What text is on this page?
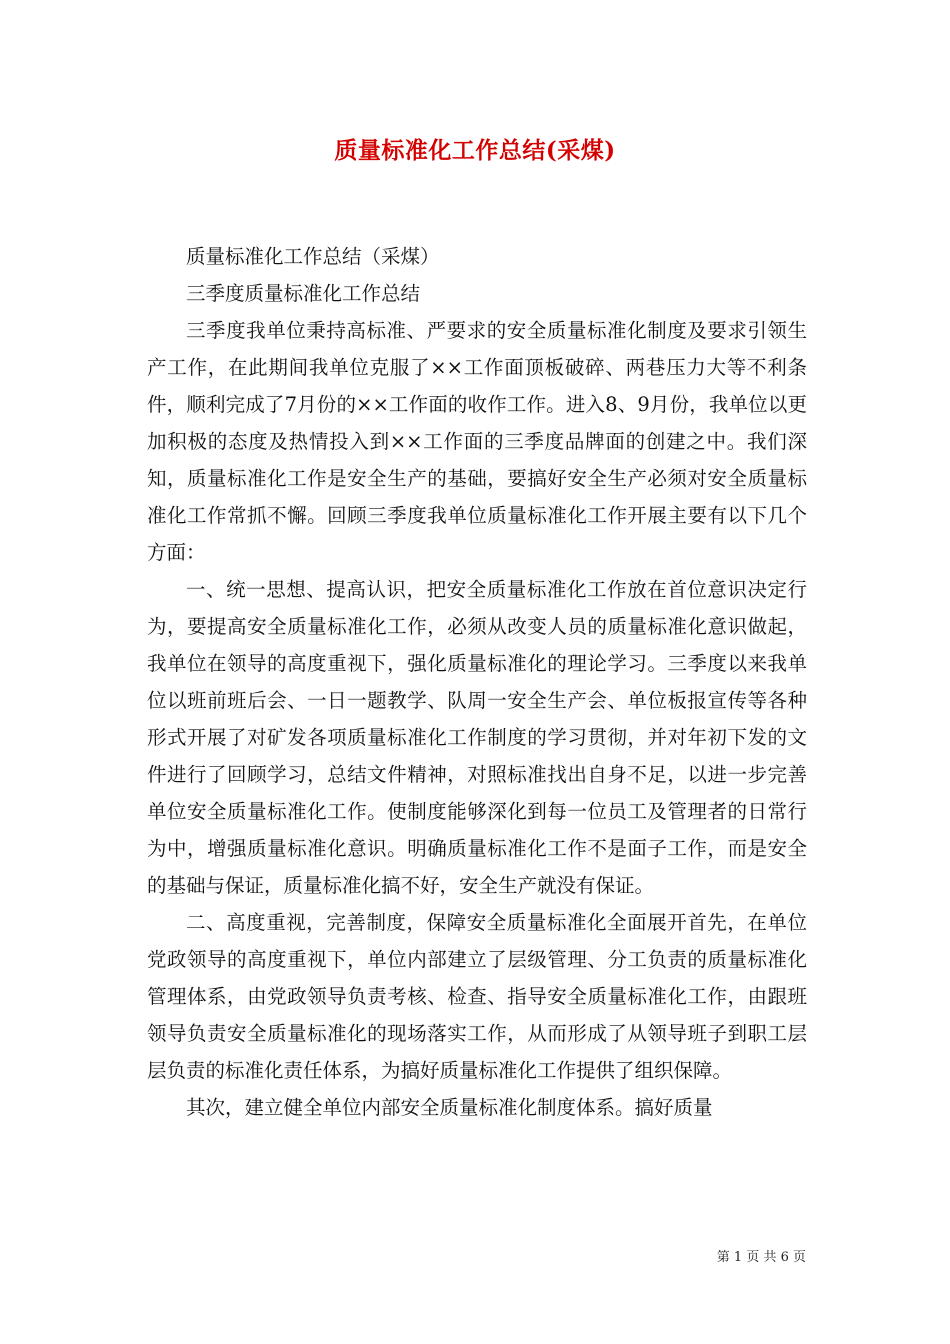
质量标准化工作总结(采煤)

质量标准化工作总结（采煤）

三季度质量标准化工作总结

三季度我单位秉持高标准、严要求的安全质量标准化制度及要求引领生产工作，在此期间我单位克服了××工作面顶板破碎、两巷压力大等不利条件，顺利完成了7月份的××工作面的收作工作。进入8、9月份，我单位以更加积极的态度及热情投入到××工作面的三季度品牌面的创建之中。我们深知，质量标准化工作是安全生产的基础，要搞好安全生产必须对安全质量标准化工作常抓不懈。回顾三季度我单位质量标准化工作开展主要有以下几个方面：

一、统一思想、提高认识，把安全质量标准化工作放在首位意识决定行为，要提高安全质量标准化工作，必须从改变人员的质量标准化意识做起，我单位在领导的高度重视下，强化质量标准化的理论学习。三季度以来我单位以班前班后会、一日一题教学、队周一安全生产会、单位板报宣传等各种形式开展了对矿发各项质量标准化工作制度的学习贯彻，并对年初下发的文件进行了回顾学习，总结文件精神，对照标准找出自身不足，以进一步完善单位安全质量标准化工作。使制度能够深化到每一位员工及管理者的日常行为中，增强质量标准化意识。明确质量标准化工作不是面子工作，而是安全的基础与保证，质量标准化搞不好，安全生产就没有保证。

二、高度重视，完善制度，保障安全质量标准化全面展开首先，在单位党政领导的高度重视下，单位内部建立了层级管理、分工负责的质量标准化管理体系，由党政领导负责考核、检查、指导安全质量标准化工作，由跟班领导负责安全质量标准化的现场落实工作，从而形成了从领导班子到职工层层负责的标准化责任体系，为搞好质量标准化工作提供了组织保障。

其次，建立健全单位内部安全质量标准化制度体系。搞好质量

第 1 页 共 6 页
